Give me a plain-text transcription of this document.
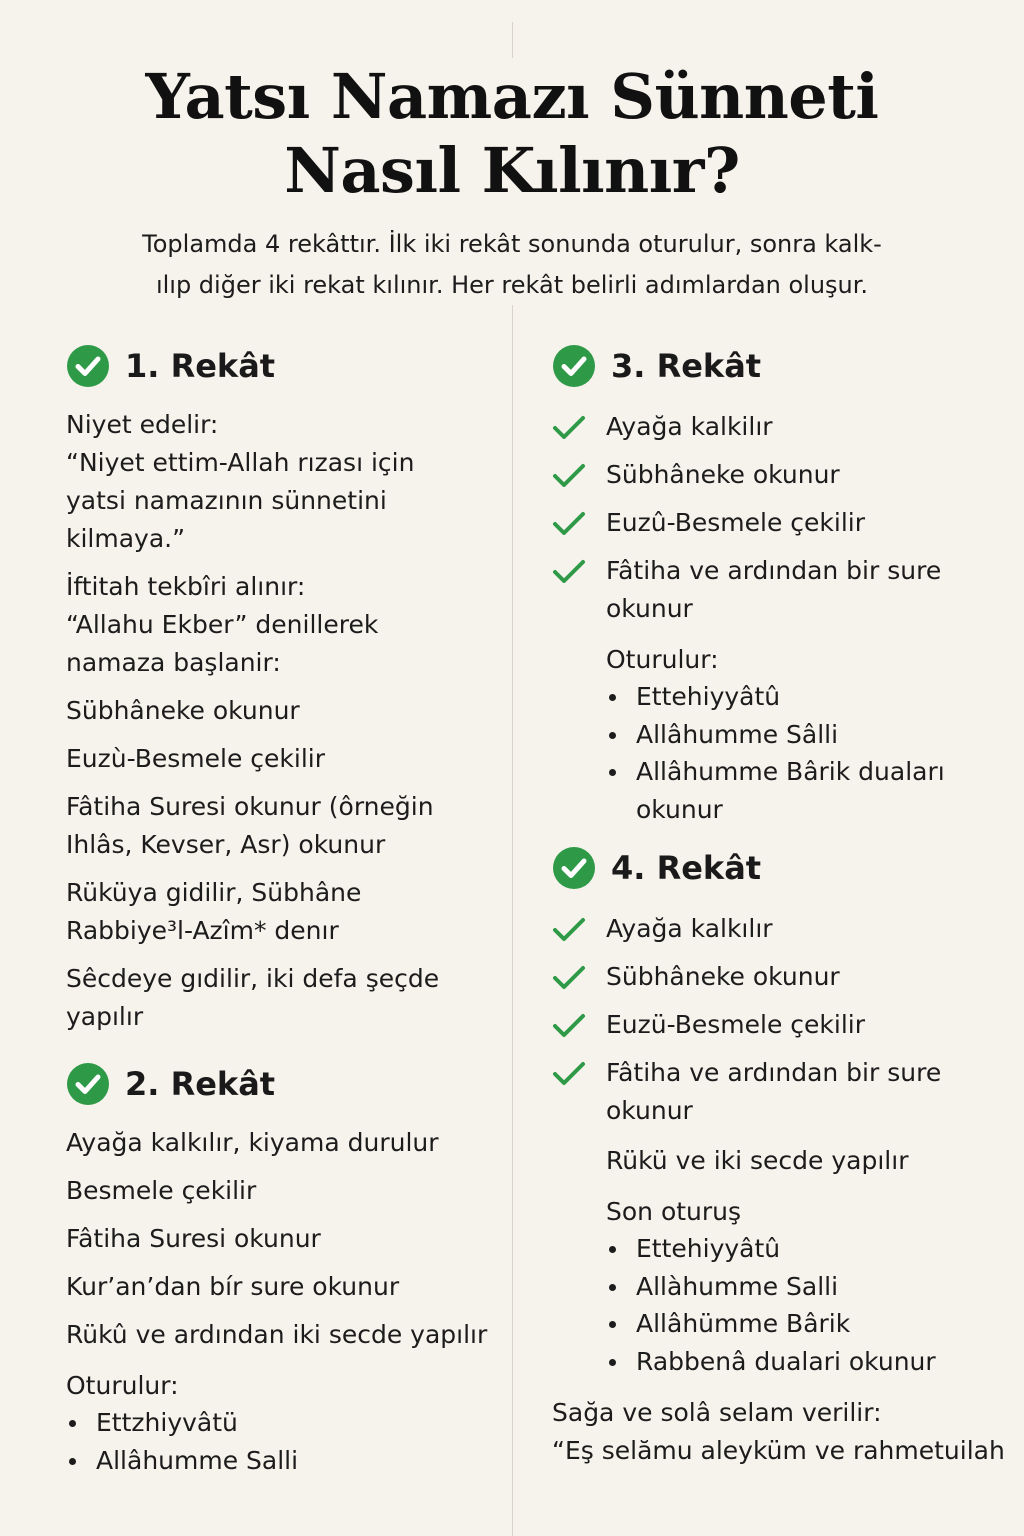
Yatsı Namazı Sünneti
Nasıl Kılınır?
Toplamda 4 rekâttır. İlk iki rekât sonunda oturulur, sonra kalk-
ılıp diğer iki rekat kılınır. Her rekât belirli adımlardan oluşur.
1. Rekât
Niyet edelir:
“Niyet ettim-Allah rızası için
yatsi namazının sünnetini
kilmaya.”
İftitah tekbîri alınır:
“Allahu Ekber” denillerek
namaza başlanir:
Sübhâneke okunur
Euzù-Besmele çekilir
Fâtiha Suresi okunur (ôrneğin
Ihlâs, Kevser, Asr) okunur
Rüküya gidilir, Sübhâne
Rabbiye³l-Azîm* denır
Sêcdeye gıdilir, iki defa şeçde
yapılır
2. Rekât
Ayağa kalkılır, kiyama durulur
Besmele çekilir
Fâtiha Suresi okunur
Kur’an’dan bír sure okunur
Rükû ve ardından iki secde yapılır
Oturulur:
Ettzhiyvâtü
Allâhumme Salli
3. Rekât
Ayağa kalkilır
Sübhâneke okunur
Euzû-Besmele çekilir
Fâtiha ve ardından bir sure
okunur
Oturulur:
Ettehiyyâtû
Allâhumme Sâlli
Allâhumme Bârik duaları
okunur
4. Rekât
Ayağa kalkılır
Sübhâneke okunur
Euzü-Besmele çekilir
Fâtiha ve ardından bir sure
okunur
Rükü ve iki secde yapılır
Son oturuş
Ettehiyyâtû
Allàhumme Salli
Allâhümme Bârik
Rabbenâ dualari okunur
Sağa ve solâ selam verilir:
“Eş selămu aleyküm ve rahmetuilah
